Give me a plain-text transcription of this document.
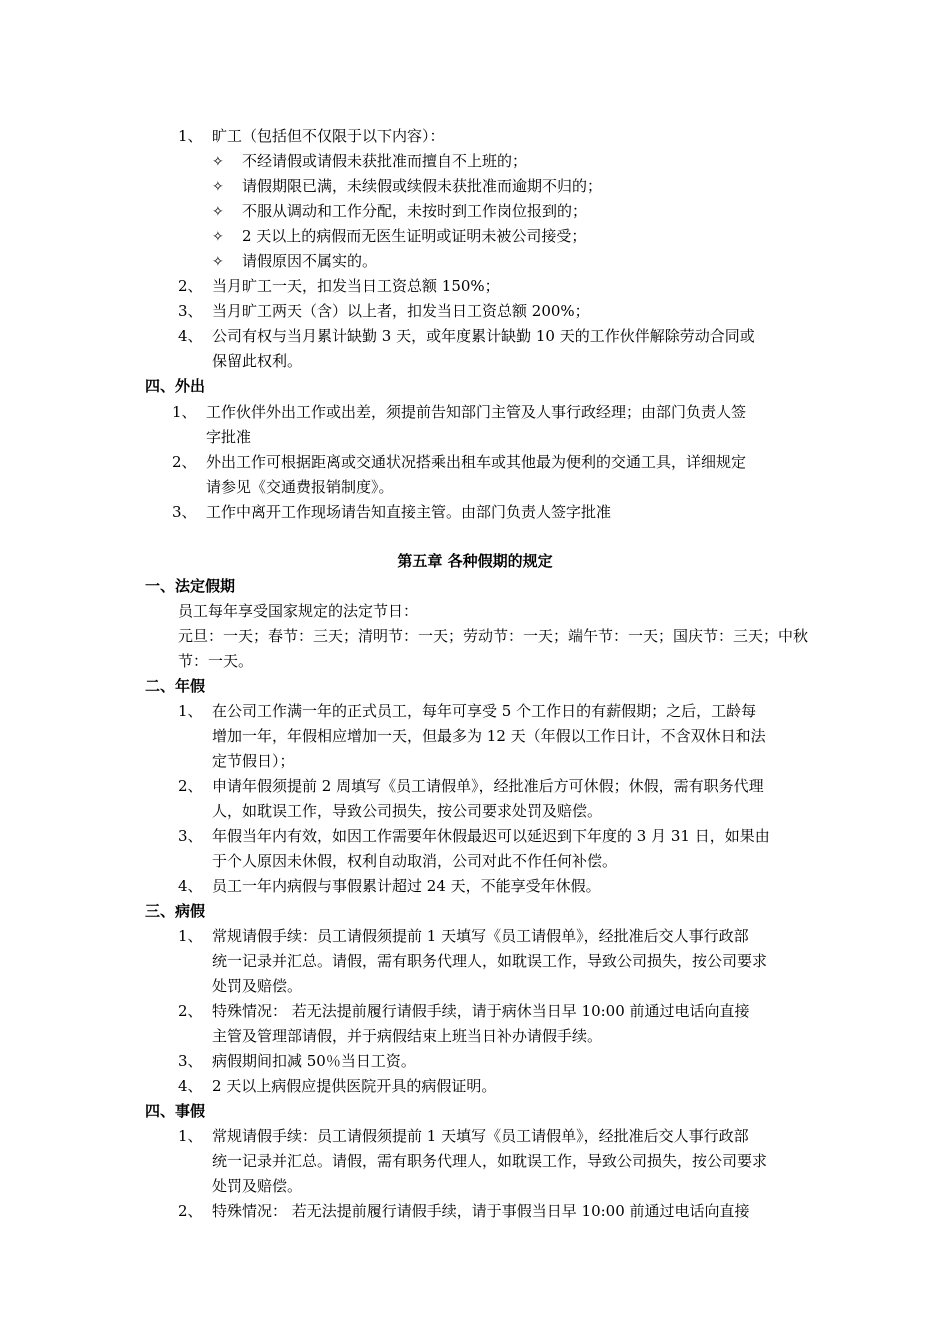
1、 旷工（包括但不仅限于以下内容）：
✧ 不经请假或请假未获批准而擅自不上班的；
✧ 请假期限已满，未续假或续假未获批准而逾期不归的；
✧ 不服从调动和工作分配，未按时到工作岗位报到的；
✧ 2 天以上的病假而无医生证明或证明未被公司接受；
✧ 请假原因不属实的。
2、 当月旷工一天，扣发当日工资总额 150%；
3、 当月旷工两天（含）以上者，扣发当日工资总额 200%；
4、 公司有权与当月累计缺勤 3 天，或年度累计缺勤 10 天的工作伙伴解除劳动合同或
保留此权利。
四、外出
1、 工作伙伴外出工作或出差，须提前告知部门主管及人事行政经理；由部门负责人签
字批准
2、 外出工作可根据距离或交通状况搭乘出租车或其他最为便利的交通工具，详细规定
请参见《交通费报销制度》。
3、 工作中离开工作现场请告知直接主管。由部门负责人签字批准
第五章 各种假期的规定
一、法定假期
员工每年享受国家规定的法定节日：
元旦：一天；春节：三天；清明节：一天；劳动节：一天；端午节：一天；国庆节：三天；中秋
节：一天。
二、年假
1、 在公司工作满一年的正式员工，每年可享受 5 个工作日的有薪假期；之后，工龄每
增加一年，年假相应增加一天，但最多为 12 天（年假以工作日计，不含双休日和法
定节假日）；
2、 申请年假须提前 2 周填写《员工请假单》，经批准后方可休假；休假，需有职务代理
人，如耽误工作，导致公司损失，按公司要求处罚及赔偿。
3、 年假当年内有效，如因工作需要年休假最迟可以延迟到下年度的 3 月 31 日，如果由
于个人原因未休假，权利自动取消，公司对此不作任何补偿。
4、 员工一年内病假与事假累计超过 24 天，不能享受年休假。
三、病假
1、 常规请假手续：员工请假须提前 1 天填写《员工请假单》，经批准后交人事行政部
统一记录并汇总。请假，需有职务代理人，如耽误工作，导致公司损失，按公司要求
处罚及赔偿。
2、 特殊情况： 若无法提前履行请假手续，请于病休当日早 10:00 前通过电话向直接
主管及管理部请假，并于病假结束上班当日补办请假手续。
3、 病假期间扣减 50％当日工资。
4、 2 天以上病假应提供医院开具的病假证明。
四、事假
1、 常规请假手续：员工请假须提前 1 天填写《员工请假单》，经批准后交人事行政部
统一记录并汇总。请假，需有职务代理人，如耽误工作，导致公司损失，按公司要求
处罚及赔偿。
2、 特殊情况： 若无法提前履行请假手续，请于事假当日早 10:00 前通过电话向直接
